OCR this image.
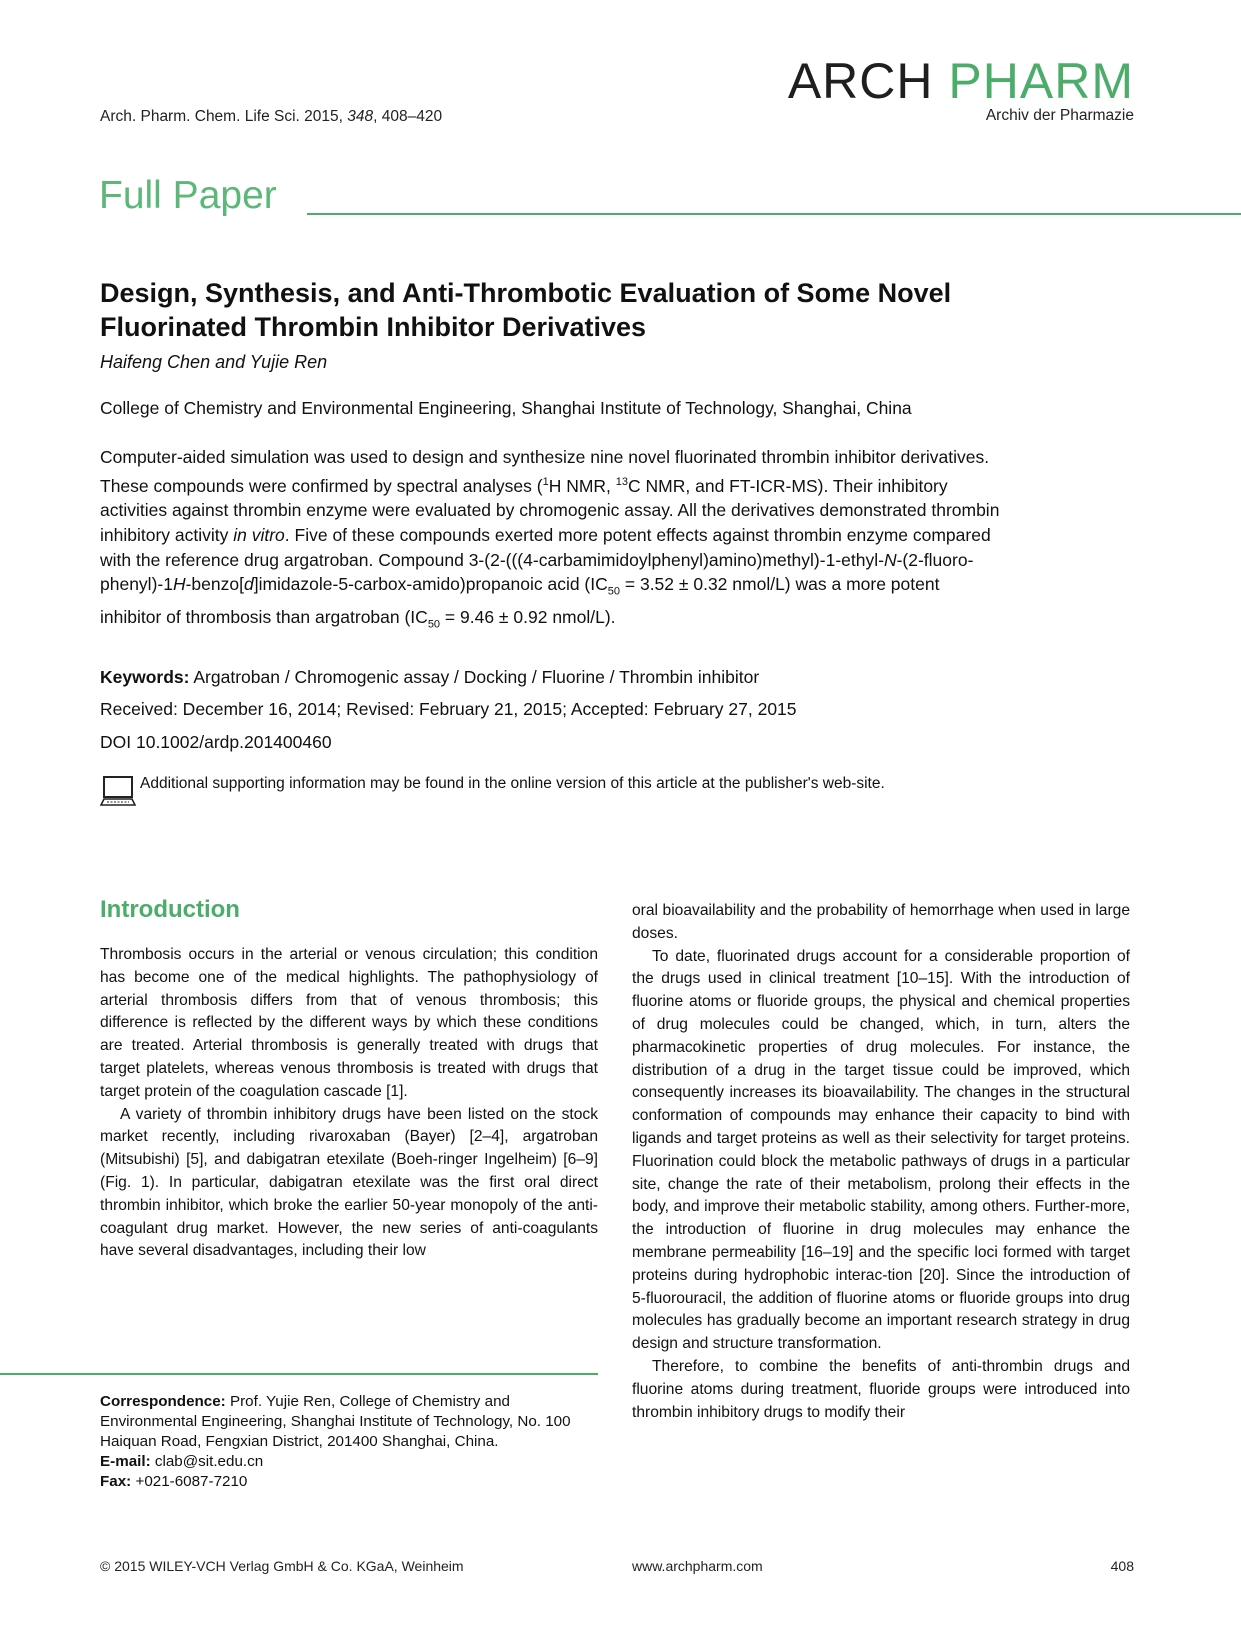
Arch. Pharm. Chem. Life Sci. 2015, 348, 408–420
ARCH PHARM
Archiv der Pharmazie
Full Paper
Design, Synthesis, and Anti-Thrombotic Evaluation of Some Novel Fluorinated Thrombin Inhibitor Derivatives
Haifeng Chen and Yujie Ren
College of Chemistry and Environmental Engineering, Shanghai Institute of Technology, Shanghai, China
Computer-aided simulation was used to design and synthesize nine novel fluorinated thrombin inhibitor derivatives. These compounds were confirmed by spectral analyses ($^1$H NMR, $^{13}$C NMR, and FT-ICR-MS). Their inhibitory activities against thrombin enzyme were evaluated by chromogenic assay. All the derivatives demonstrated thrombin inhibitory activity in vitro. Five of these compounds exerted more potent effects against thrombin enzyme compared with the reference drug argatroban. Compound 3-(2-(((4-carbamimidoylphenyl)amino)methyl)-1-ethyl-N-(2-fluoro-phenyl)-1H-benzo[d]imidazole-5-carbox-amido)propanoic acid ($IC_{50} = 3.52 \pm 0.32$ nmol/L) was a more potent inhibitor of thrombosis than argatroban ($IC_{50} = 9.46 \pm 0.92$ nmol/L).
Keywords: Argatroban / Chromogenic assay / Docking / Fluorine / Thrombin inhibitor
Received: December 16, 2014; Revised: February 21, 2015; Accepted: February 27, 2015
DOI 10.1002/ardp.201400460
Additional supporting information may be found in the online version of this article at the publisher's web-site.
Introduction

Thrombosis occurs in the arterial or venous circulation; this condition has become one of the medical highlights. The pathophysiology of arterial thrombosis differs from that of venous thrombosis; this difference is reflected by the different ways by which these conditions are treated. Arterial thrombosis is generally treated with drugs that target platelets, whereas venous thrombosis is treated with drugs that target protein of the coagulation cascade [1].

A variety of thrombin inhibitory drugs have been listed on the stock market recently, including rivaroxaban (Bayer) [2–4], argatroban (Mitsubishi) [5], and dabigatran etexilate (Boeh-ringer Ingelheim) [6–9] (Fig. 1). In particular, dabigatran etexilate was the first oral direct thrombin inhibitor, which broke the earlier 50-year monopoly of the anti-coagulant drug market. However, the new series of anti-coagulants have several disadvantages, including their low

oral bioavailability and the probability of hemorrhage when used in large doses.

To date, fluorinated drugs account for a considerable proportion of the drugs used in clinical treatment [10–15]. With the introduction of fluorine atoms or fluoride groups, the physical and chemical properties of drug molecules could be changed, which, in turn, alters the pharmacokinetic properties of drug molecules. For instance, the distribution of a drug in the target tissue could be improved, which consequently increases its bioavailability. The changes in the structural conformation of compounds may enhance their capacity to bind with ligands and target proteins as well as their selectivity for target proteins. Fluorination could block the metabolic pathways of drugs in a particular site, change the rate of their metabolism, prolong their effects in the body, and improve their metabolic stability, among others. Further-more, the introduction of fluorine in drug molecules may enhance the membrane permeability [16–19] and the specific loci formed with target proteins during hydrophobic interac-tion [20]. Since the introduction of 5-fluorouracil, the addition of fluorine atoms or fluoride groups into drug molecules has gradually become an important research strategy in drug design and structure transformation.

Therefore, to combine the benefits of anti-thrombin drugs and fluorine atoms during treatment, fluoride groups were introduced into thrombin inhibitory drugs to modify their

Correspondence: Prof. Yujie Ren, College of Chemistry and Environmental Engineering, Shanghai Institute of Technology, No. 100 Haiquan Road, Fengxian District, 201400 Shanghai, China.

E-mail: clab@sit.edu.cn

Fax: +021-6087-7210

© 2015 WILEY-VCH Verlag GmbH & Co. KGaA, Weinheim	www.archpharm.com	408
